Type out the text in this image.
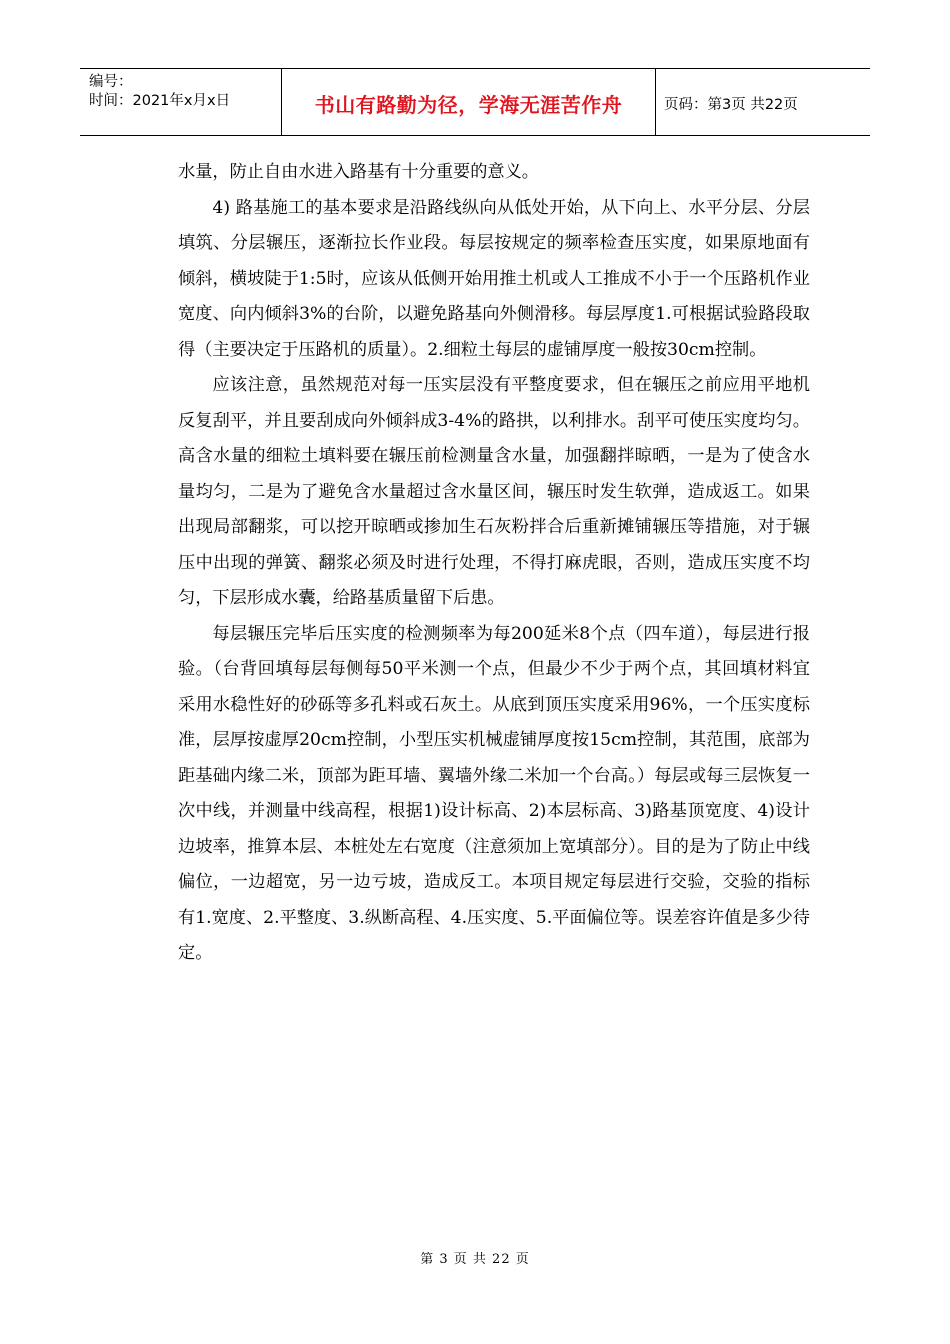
编号：
时间：2021年x月x日	书山有路勤为径，学海无涯苦作舟	页码：第3页 共22页

水量，防止自由水进入路基有十分重要的意义。

4) 路基施工的基本要求是沿路线纵向从低处开始，从下向上、水平分层、分层填筑、分层辗压，逐渐拉长作业段。每层按规定的频率检查压实度，如果原地面有倾斜，横坡陡于1:5时，应该从低侧开始用推土机或人工推成不小于一个压路机作业宽度、向内倾斜3%的台阶，以避免路基向外侧滑移。每层厚度1.可根据试验路段取得（主要决定于压路机的质量）。2.细粒土每层的虚铺厚度一般按30cm控制。

应该注意，虽然规范对每一压实层没有平整度要求，但在辗压之前应用平地机反复刮平，并且要刮成向外倾斜成3-4%的路拱，以利排水。刮平可使压实度均匀。高含水量的细粒土填料要在辗压前检测量含水量，加强翻拌晾晒，一是为了使含水量均匀，二是为了避免含水量超过含水量区间，辗压时发生软弹，造成返工。如果出现局部翻浆，可以挖开晾晒或掺加生石灰粉拌合后重新摊铺辗压等措施，对于辗压中出现的弹簧、翻浆必须及时进行处理，不得打麻虎眼，否则，造成压实度不均匀，下层形成水囊，给路基质量留下后患。

每层辗压完毕后压实度的检测频率为每200延米8个点（四车道），每层进行报验。（台背回填每层每侧每50平米测一个点，但最少不少于两个点，其回填材料宜采用水稳性好的砂砾等多孔料或石灰土。从底到顶压实度采用96%，一个压实度标准，层厚按虚厚20cm控制，小型压实机械虚铺厚度按15cm控制，其范围，底部为距基础内缘二米，顶部为距耳墙、翼墙外缘二米加一个台高。）每层或每三层恢复一次中线，并测量中线高程，根据1)设计标高、2)本层标高、3)路基顶宽度、4)设计边坡率，推算本层、本桩处左右宽度（注意须加上宽填部分）。目的是为了防止中线偏位，一边超宽，另一边亏坡，造成反工。本项目规定每层进行交验，交验的指标有1.宽度、2.平整度、3.纵断高程、4.压实度、5.平面偏位等。误差容许值是多少待定。

第 3 页 共 22 页
